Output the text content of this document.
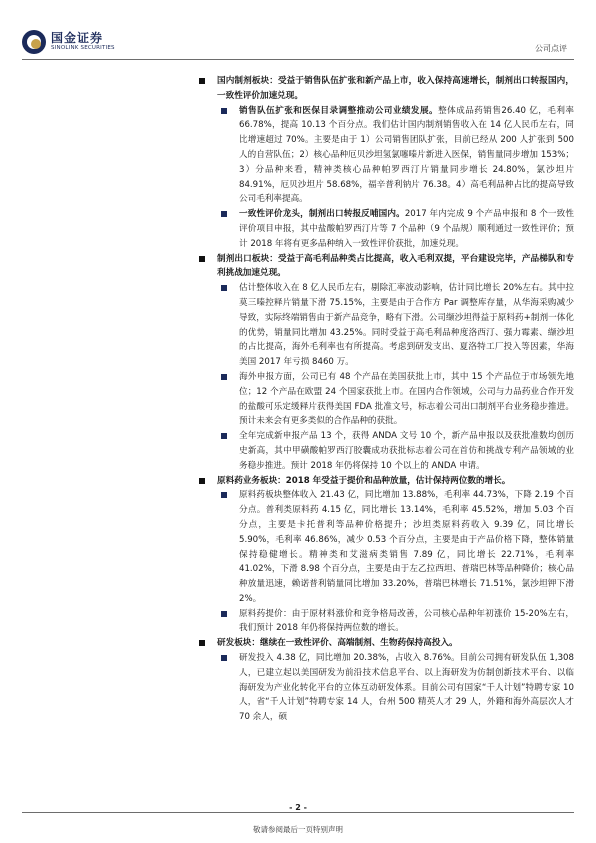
国金证券
SINOLINK SECURITIES	公司点评
国内制剂板块：受益于销售队伍扩张和新产品上市，收入保持高速增长，制剂出口转报国内，一致性评价加速兑现。
销售队伍扩张和医保目录调整推动公司业绩发展。整体成品药销售26.40 亿，毛利率 66.78%，提高 10.13 个百分点。我们估计国内制剂销售收入在 14 亿人民币左右，同比增速超过 70%。主要是由于 1）公司销售团队扩张，目前已经从 200 人扩张到 500 人的自营队伍；2）核心品种厄贝沙坦氢氯噻嗪片新进入医保，销售量同步增加 153%；3）分品种来看，精神类核心品种帕罗西汀片销量同步增长 24.80%，氯沙坦片 84.91%，厄贝沙坦片 58.68%，福辛普利钠片 76.38。4）高毛利品种占比的提高导致公司毛利率提高。
一致性评价龙头，制剂出口转报反哺国内。2017 年内完成 9 个产品申报和 8 个一致性评价项目申报，其中盐酸帕罗西汀片等 7 个品种（9 个品规）顺利通过一致性评价；预计 2018 年将有更多品种纳入一致性评价获批，加速兑现。
制剂出口板块：受益于高毛利品种类占比提高，收入毛利双提，平台建设完毕，产品梯队和专利挑战加速兑现。
估计整体收入在 8 亿人民币左右，剔除汇率波动影响，估计同比增长 20%左右。其中拉莫三嗪控释片销量下滑 75.15%，主要是由于合作方 Par 调整库存量，从华海采购减少导致，实际终端销售由于新产品竞争，略有下滑。公司缬沙坦得益于原料药+制剂一体化的优势，销量同比增加 43.25%。同时受益于高毛利品种度洛西汀、强力霉素、缬沙坦的占比提高，海外毛利率也有所提高。考虑到研发支出、夏洛特工厂投入等因素，华海美国 2017 年亏损 8460 万。
海外申报方面，公司已有 48 个产品在美国获批上市，其中 15 个产品位于市场领先地位；12 个产品在欧盟 24 个国家获批上市。在国内合作领域，公司与力品药业合作开发的盐酸可乐定缓释片获得美国 FDA 批准文号，标志着公司出口制剂平台业务稳步推进。预计未来会有更多类似的合作品种的获批。
全年完成新申报产品 13 个，获得 ANDA 文号 10 个，新产品申报以及获批准数均创历史新高，其中甲磺酸帕罗西汀胶囊成功获批标志着公司在首仿和挑战专利产品领域的业务稳步推进。预计 2018 年仍将保持 10 个以上的 ANDA 申请。
原料药业务板块：2018 年受益于提价和品种放量，估计保持两位数的增长。
原料药板块整体收入 21.43 亿，同比增加 13.88%，毛利率 44.73%，下降 2.19 个百分点。普利类原料药 4.15 亿，同比增长 13.14%，毛利率 45.52%，增加 5.03 个百分点，主要是卡托普利等品种价格提升；沙坦类原料药收入 9.39 亿，同比增长 5.90%，毛利率 46.86%，减少 0.53 个百分点，主要是由于产品价格下降，整体销量保持稳健增长。精神类和艾滋病类销售 7.89 亿，同比增长 22.71%，毛利率 41.02%，下滑 8.98 个百分点，主要是由于左乙拉西坦、普瑞巴林等品种降价；核心品种放量迅速，赖诺普利销量同比增加 33.20%，普瑞巴林增长 71.51%，氯沙坦钾下滑 2%。
原料药提价：由于原材料涨价和竞争格局改善，公司核心品种年初涨价 15-20%左右，我们预计 2018 年仍将保持两位数的增长。
研发板块：继续在一致性评价、高端制剂、生物药保持高投入。
研发投入 4.38 亿，同比增加 20.38%，占收入 8.76%。目前公司拥有研发队伍 1,308 人，已建立起以美国研发为前沿技术信息平台、以上海研发为仿制创新技术平台、以临海研发为产业化转化平台的立体互动研发体系。目前公司有国家“千人计划”特聘专家 10 人，省“千人计划”特聘专家 14 人，台州 500 精英人才 29 人，外籍和海外高层次人才 70 余人，硕
- 2 -
敬请参阅最后一页特别声明
